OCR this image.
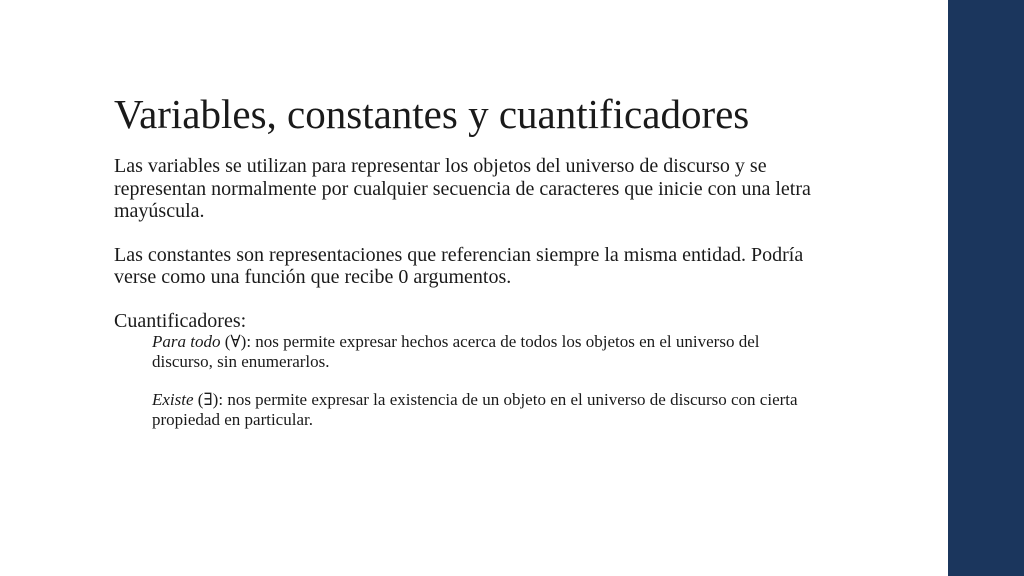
Variables, constantes y cuantificadores

Las variables se utilizan para representar los objetos del universo de discurso y se representan normalmente por cualquier secuencia de caracteres que inicie con una letra mayúscula.

Las constantes son representaciones que referencian siempre la misma entidad. Podría verse como una función que recibe 0 argumentos.

Cuantificadores:

Para todo (∀): nos permite expresar hechos acerca de todos los objetos en el universo del discurso, sin enumerarlos.

Existe (∃): nos permite expresar la existencia de un objeto en el universo de discurso con cierta propiedad en particular.
